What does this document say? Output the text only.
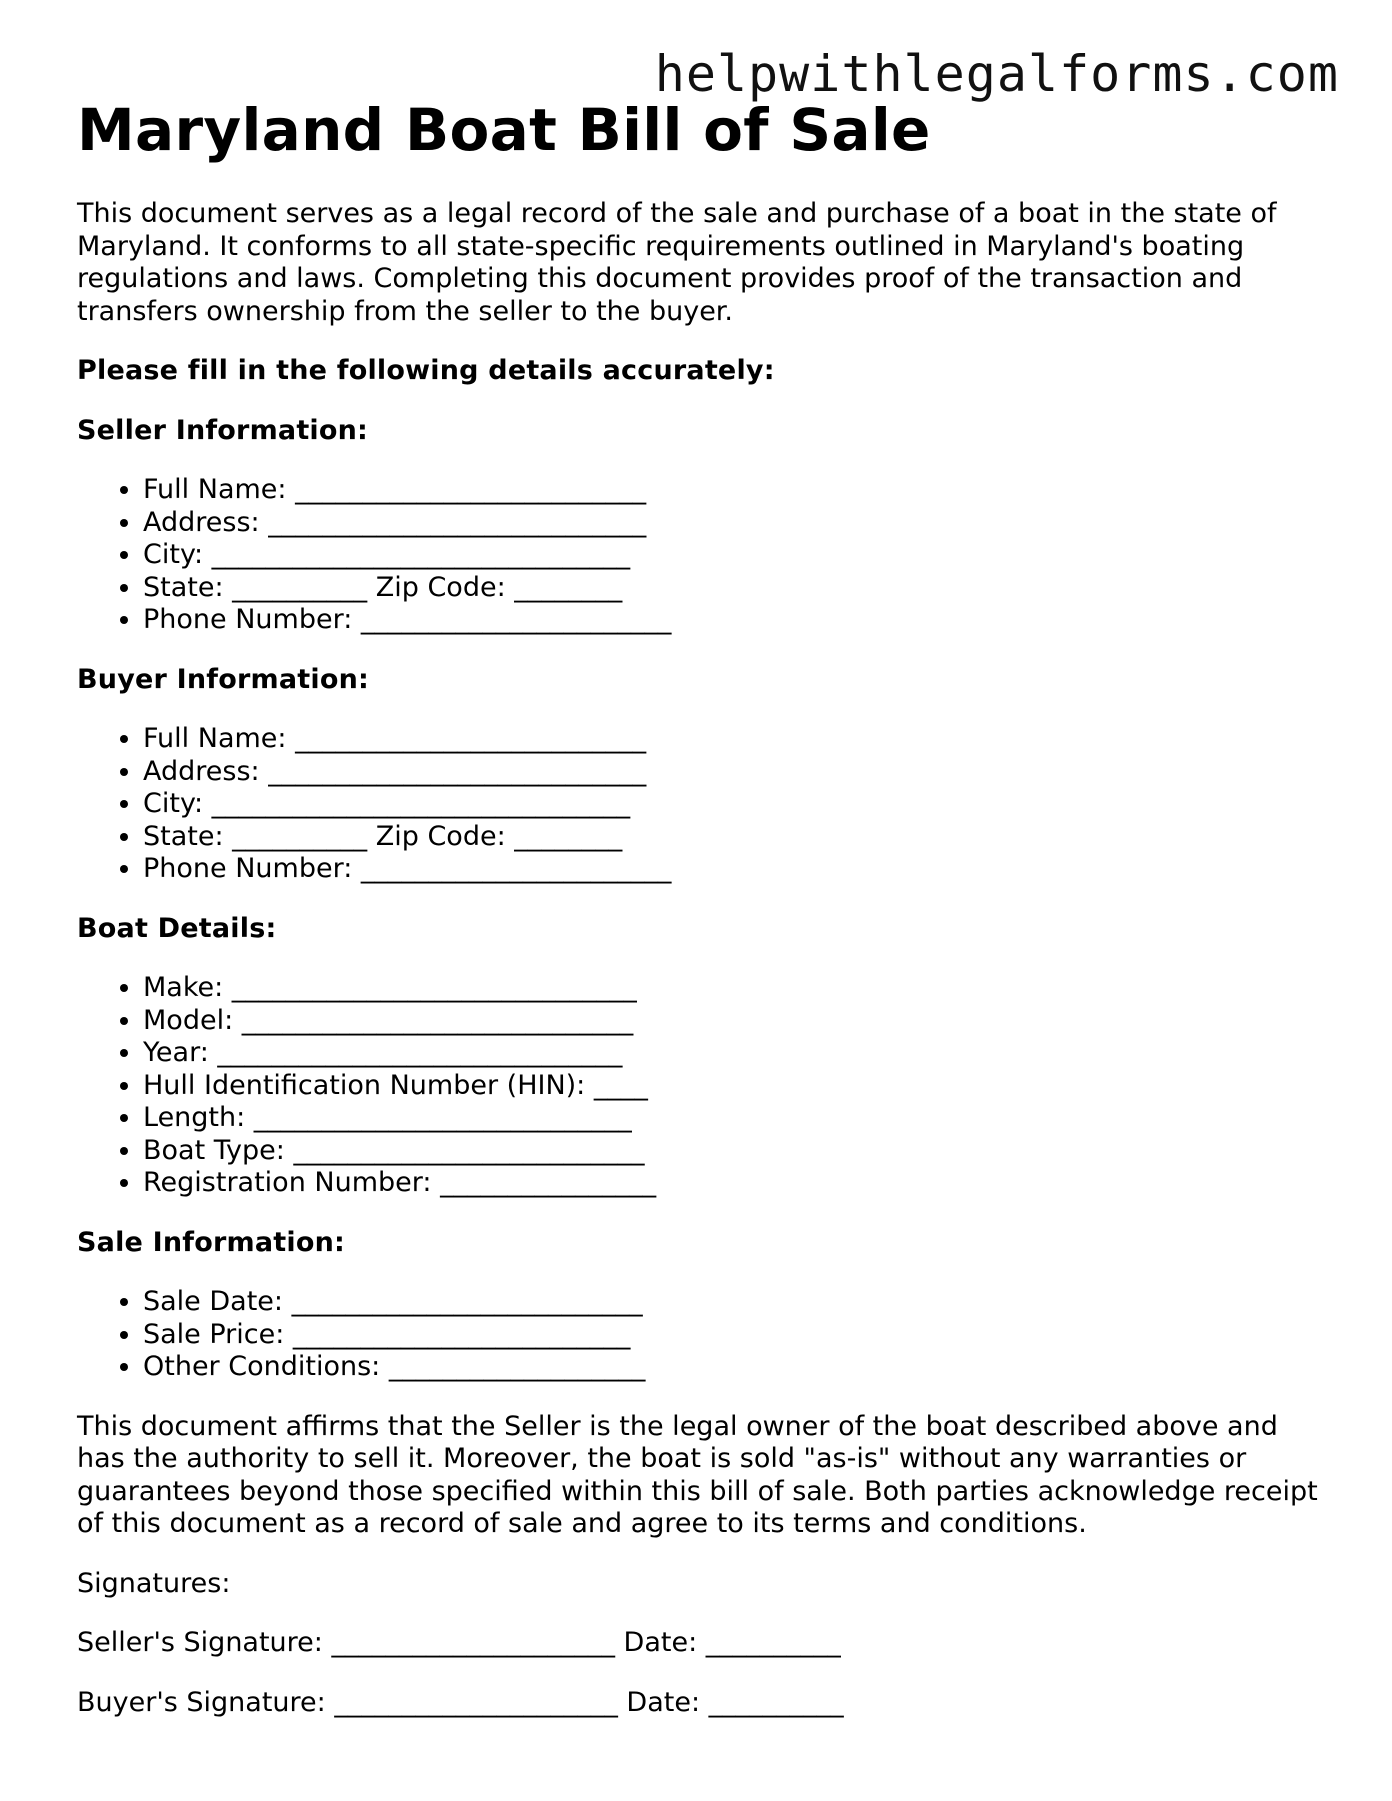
helpwithlegalforms.com
Maryland Boat Bill of Sale

This document serves as a legal record of the sale and purchase of a boat in the state of Maryland. It conforms to all state-specific requirements outlined in Maryland's boating regulations and laws. Completing this document provides proof of the transaction and transfers ownership from the seller to the buyer.

Please fill in the following details accurately:

Seller Information:

• Full Name: __________________________
• Address: ____________________________
• City: _______________________________
• State: __________ Zip Code: ________
• Phone Number: _______________________

Buyer Information:

• Full Name: __________________________
• Address: ____________________________
• City: _______________________________
• State: __________ Zip Code: ________
• Phone Number: _______________________

Boat Details:

• Make: ______________________________
• Model: _____________________________
• Year: ______________________________
• Hull Identification Number (HIN): ____
• Length: ____________________________
• Boat Type: __________________________
• Registration Number: ________________

Sale Information:

• Sale Date: __________________________
• Sale Price: _________________________
• Other Conditions: ___________________

This document affirms that the Seller is the legal owner of the boat described above and has the authority to sell it. Moreover, the boat is sold "as-is" without any warranties or guarantees beyond those specified within this bill of sale. Both parties acknowledge receipt of this document as a record of sale and agree to its terms and conditions.

Signatures:

Seller's Signature: _____________________ Date: __________

Buyer's Signature: _____________________ Date: __________
